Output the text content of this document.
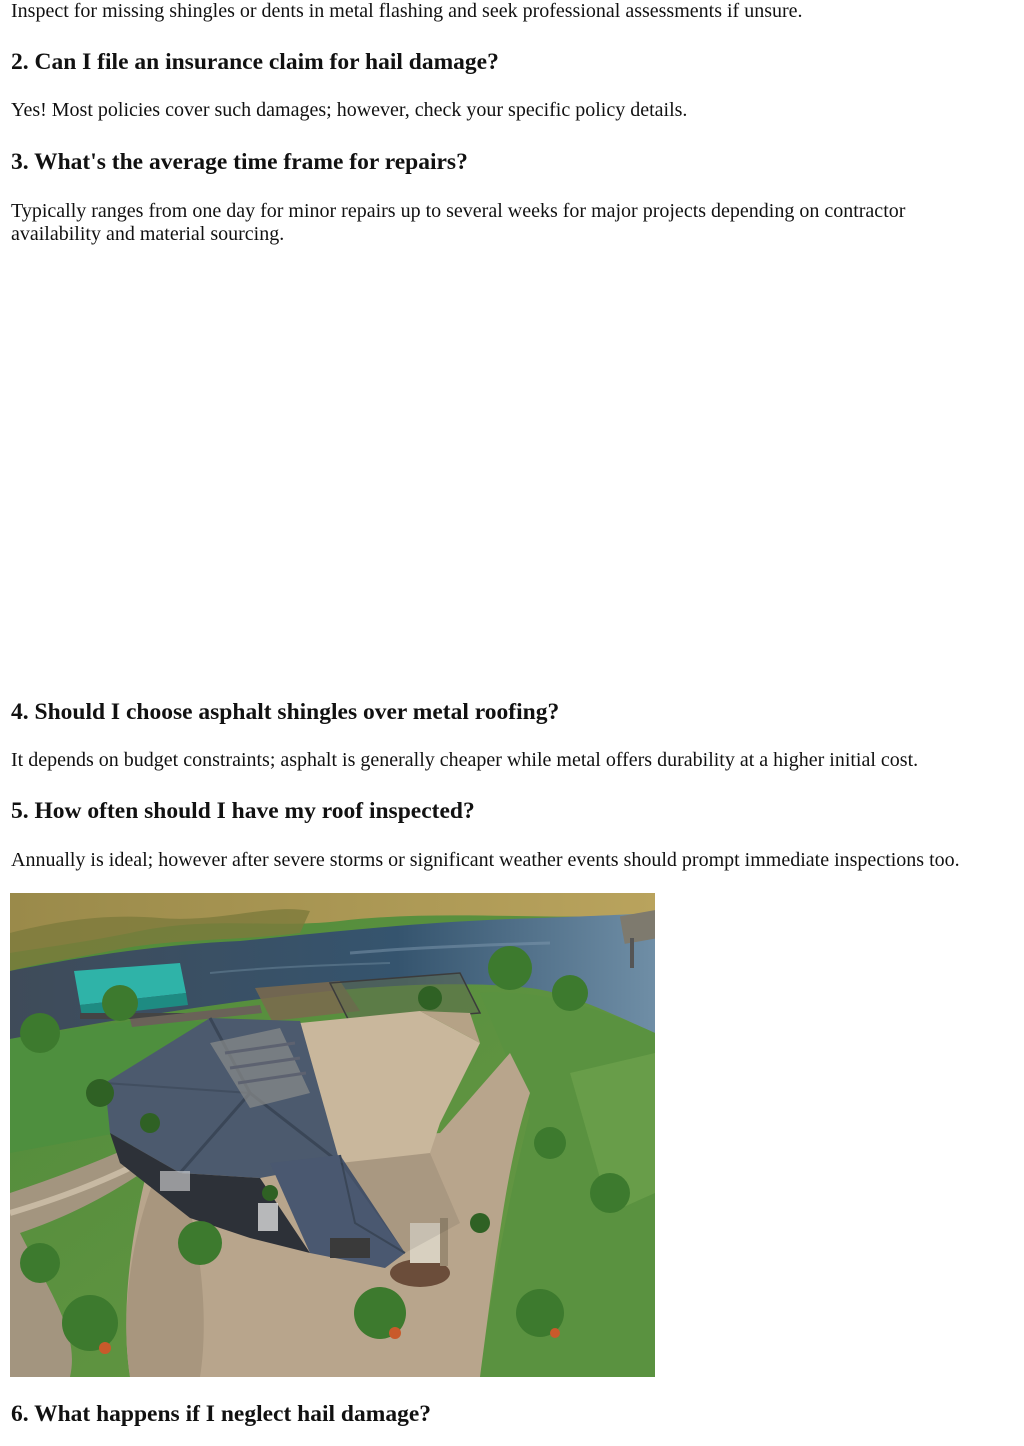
Inspect for missing shingles or dents in metal flashing and seek professional assessments if unsure.

2. Can I file an insurance claim for hail damage?

Yes! Most policies cover such damages; however, check your specific policy details.

3. What's the average time frame for repairs?

Typically ranges from one day for minor repairs up to several weeks for major projects depending on contractor availability and material sourcing.

4. Should I choose asphalt shingles over metal roofing?

It depends on budget constraints; asphalt is generally cheaper while metal offers durability at a higher initial cost.

5. How often should I have my roof inspected?

Annually is ideal; however after severe storms or significant weather events should prompt immediate inspections too.

6. What happens if I neglect hail damage?
